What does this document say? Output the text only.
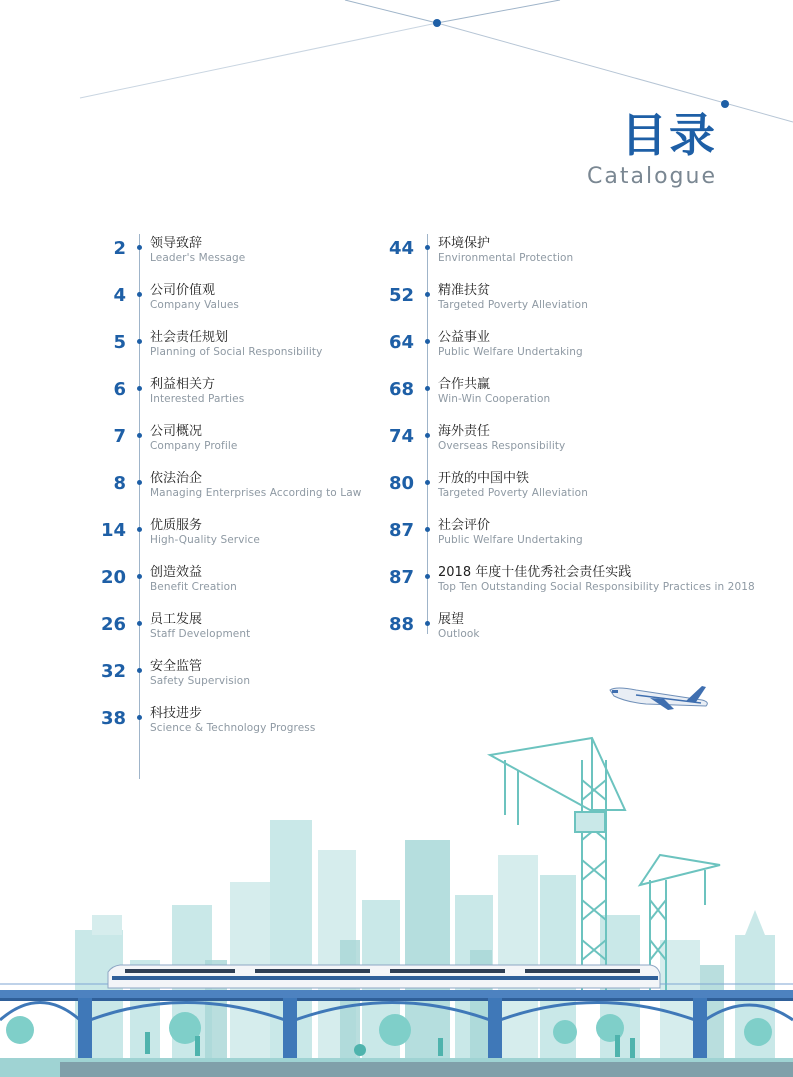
目录
Catalogue
2 领导致辞
Leader's Message
4 公司价值观
Company Values
5 社会责任规划
Planning of Social Responsibility
6 利益相关方
Interested Parties
7 公司概况
Company Profile
8 依法治企
Managing Enterprises According to Law
14 优质服务
High-Quality Service
20 创造效益
Benefit Creation
26 员工发展
Staff Development
32 安全监管
Safety Supervision
38 科技进步
Science & Technology Progress
44 环境保护
Environmental Protection
52 精准扶贫
Targeted Poverty Alleviation
64 公益事业
Public Welfare Undertaking
68 合作共赢
Win-Win Cooperation
74 海外责任
Overseas Responsibility
80 开放的中国中铁
Targeted Poverty Alleviation
87 社会评价
Public Welfare Undertaking
87 2018 年度十佳优秀社会责任实践
Top Ten Outstanding Social Responsibility Practices in 2018
88 展望
Outlook
